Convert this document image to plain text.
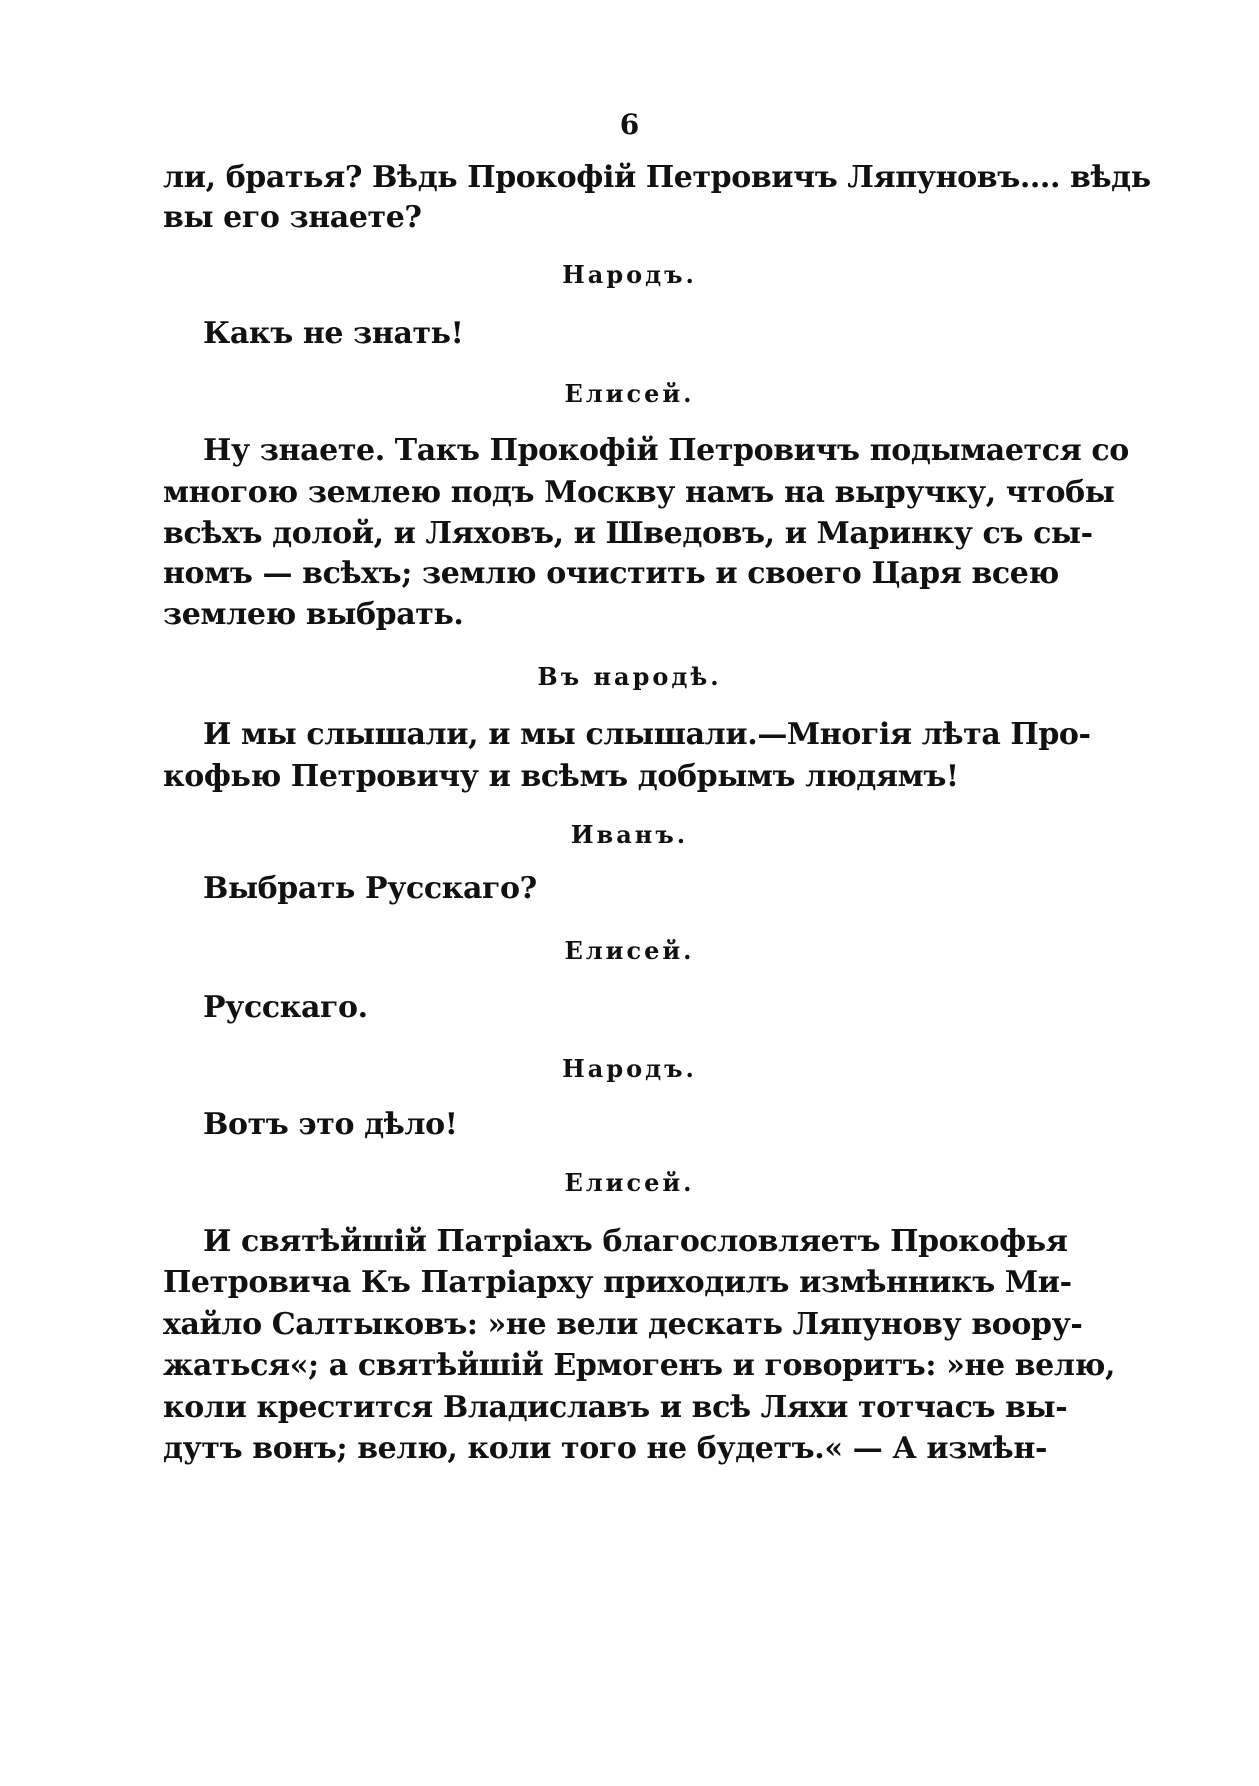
6
ли, братья? Вѣдь Прокофій Петровичъ Ляпуновъ.... вѣдь
вы его знаете?
Народъ.
Какъ не знать!
Елисей.
Ну знаете. Такъ Прокофій Петровичъ подымается со
многою землею подъ Москву намъ на выручку, чтобы
всѣхъ долой, и Ляховъ, и Шведовъ, и Маринку съ сы-
номъ — всѣхъ; землю очистить и своего Царя всею
землею выбрать.
Въ народѣ.
И мы слышали, и мы слышали.—Многія лѣта Про-
кофью Петровичу и всѣмъ добрымъ людямъ!
Иванъ.
Выбрать Русскаго?
Елисей.
Русскаго.
Народъ.
Вотъ это дѣло!
Елисей.
И святѣйшій Патріахъ благословляетъ Прокофья
Петровича Къ Патріарху приходилъ измѣнникъ Ми-
хайло Салтыковъ: »не вели дескать Ляпунову воору-
жаться«; а святѣйшій Ермогенъ и говоритъ: »не велю,
коли крестится Владиславъ и всѣ Ляхи тотчасъ вы-
дутъ вонъ; велю, коли того не будетъ.« — А измѣн-
